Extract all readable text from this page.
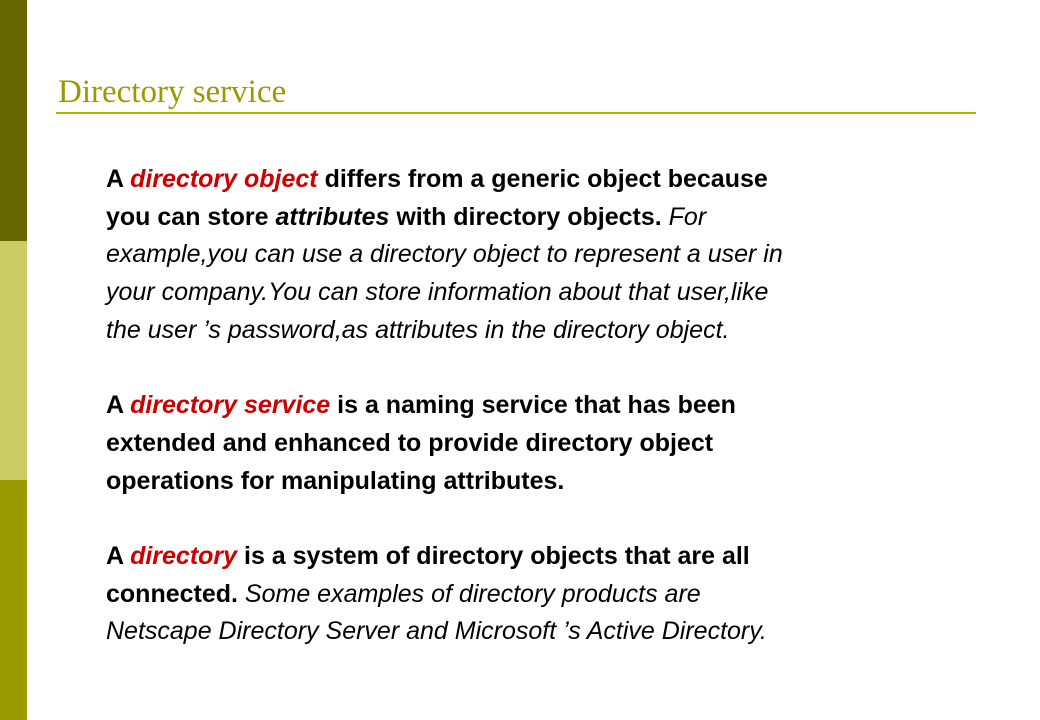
Directory service
A directory object differs from a generic object because
you can store attributes with directory objects. For
example,you can use a directory object to represent a user in
your company.You can store information about that user,like
the user ’s password,as attributes in the directory object.
A directory service is a naming service that has been
extended and enhanced to provide directory object
operations for manipulating attributes.
A directory is a system of directory objects that are all
connected. Some examples of directory products are
Netscape Directory Server and Microsoft ’s Active Directory.
